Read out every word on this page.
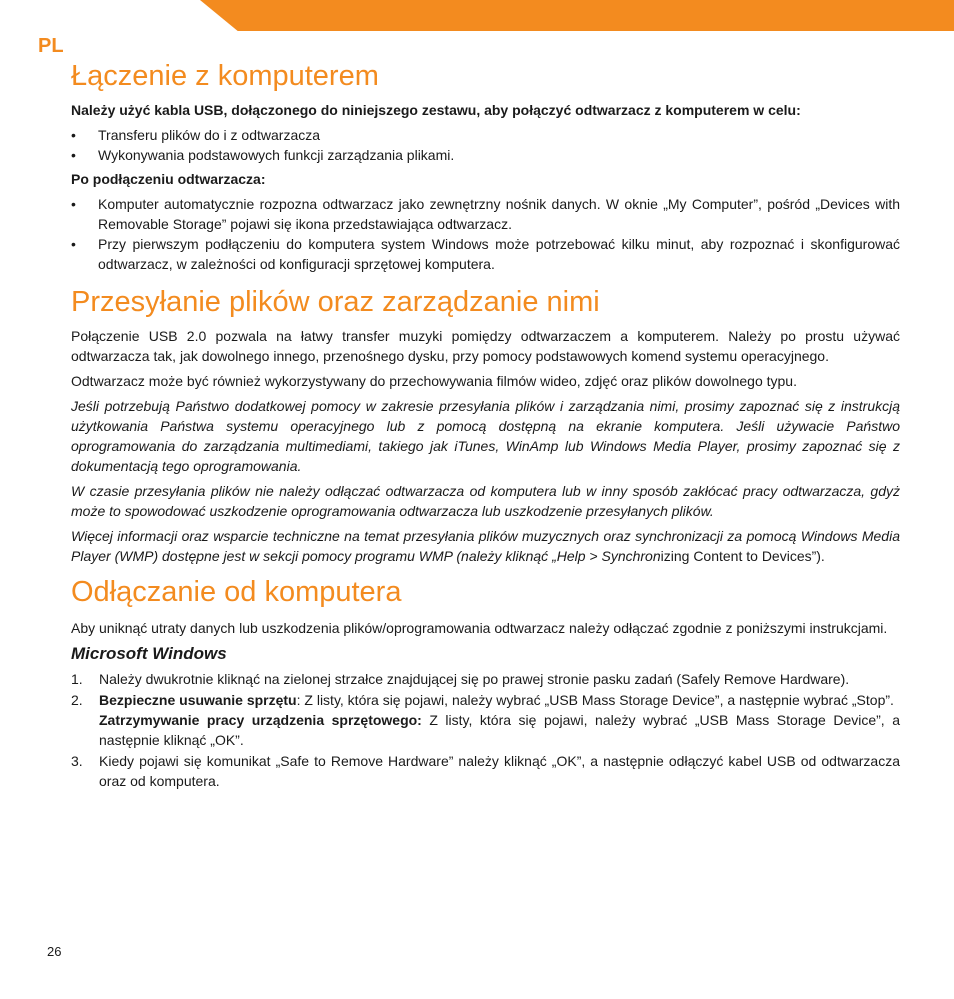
PL
Łączenie z komputerem

Należy użyć kabla USB, dołączonego do niniejszego zestawu, aby połączyć odtwarzacz z komputerem w celu:

• Transferu plików do i z odtwarzacza
• Wykonywania podstawowych funkcji zarządzania plikami.

Po podłączeniu odtwarzacza:

• Komputer automatycznie rozpozna odtwarzacz jako zewnętrzny nośnik danych. W oknie „My Computer”, pośród „Devices with Removable Storage” pojawi się ikona przedstawiająca odtwarzacz.
• Przy pierwszym podłączeniu do komputera system Windows może potrzebować kilku minut, aby rozpoznać i skonfigurować odtwarzacz, w zależności od konfiguracji sprzętowej komputera.
Przesyłanie plików oraz zarządzanie nimi

Połączenie USB 2.0 pozwala na łatwy transfer muzyki pomiędzy odtwarzaczem a komputerem. Należy po prostu używać odtwarzacza tak, jak dowolnego innego, przenośnego dysku, przy pomocy podstawowych komend systemu operacyjnego.

Odtwarzacz może być również wykorzystywany do przechowywania filmów wideo, zdjęć oraz plików dowolnego typu.

Jeśli potrzebują Państwo dodatkowej pomocy w zakresie przesyłania plików i zarządzania nimi, prosimy zapoznać się z instrukcją użytkowania Państwa systemu operacyjnego lub z pomocą dostępną na ekranie komputera. Jeśli używacie Państwo oprogramowania do zarządzania multimediami, takiego jak iTunes, WinAmp lub Windows Media Player, prosimy zapoznać się z dokumentacją tego oprogramowania.

W czasie przesyłania plików nie należy odłączać odtwarzacza od komputera lub w inny sposób zakłócać pracy odtwarzacza, gdyż może to spowodować uszkodzenie oprogramowania odtwarzacza lub uszkodzenie przesyłanych plików.

Więcej informacji oraz wsparcie techniczne na temat przesyłania plików muzycznych oraz synchronizacji za pomocą Windows Media Player (WMP) dostępne jest w sekcji pomocy programu WMP (należy kliknąć „Help > Synchronizing Content to Devices”).

Odłączanie od komputera

Aby uniknąć utraty danych lub uszkodzenia plików/oprogramowania odtwarzacz należy odłączać zgodnie z poniższymi instrukcjami.

Microsoft Windows
1. Należy dwukrotnie kliknąć na zielonej strzałce znajdującej się po prawej stronie pasku zadań (Safely Remove Hardware).
2. Bezpieczne usuwanie sprzętu: Z listy, która się pojawi, należy wybrać „USB Mass Storage Device”, a następnie wybrać „Stop”.
Zatrzymywanie pracy urządzenia sprzętowego: Z listy, która się pojawi, należy wybrać „USB Mass Storage Device”, a następnie kliknąć „OK”.
3. Kiedy pojawi się komunikat „Safe to Remove Hardware” należy kliknąć „OK”, a następnie odłączyć kabel USB od odtwarzacza oraz od komputera.
26
